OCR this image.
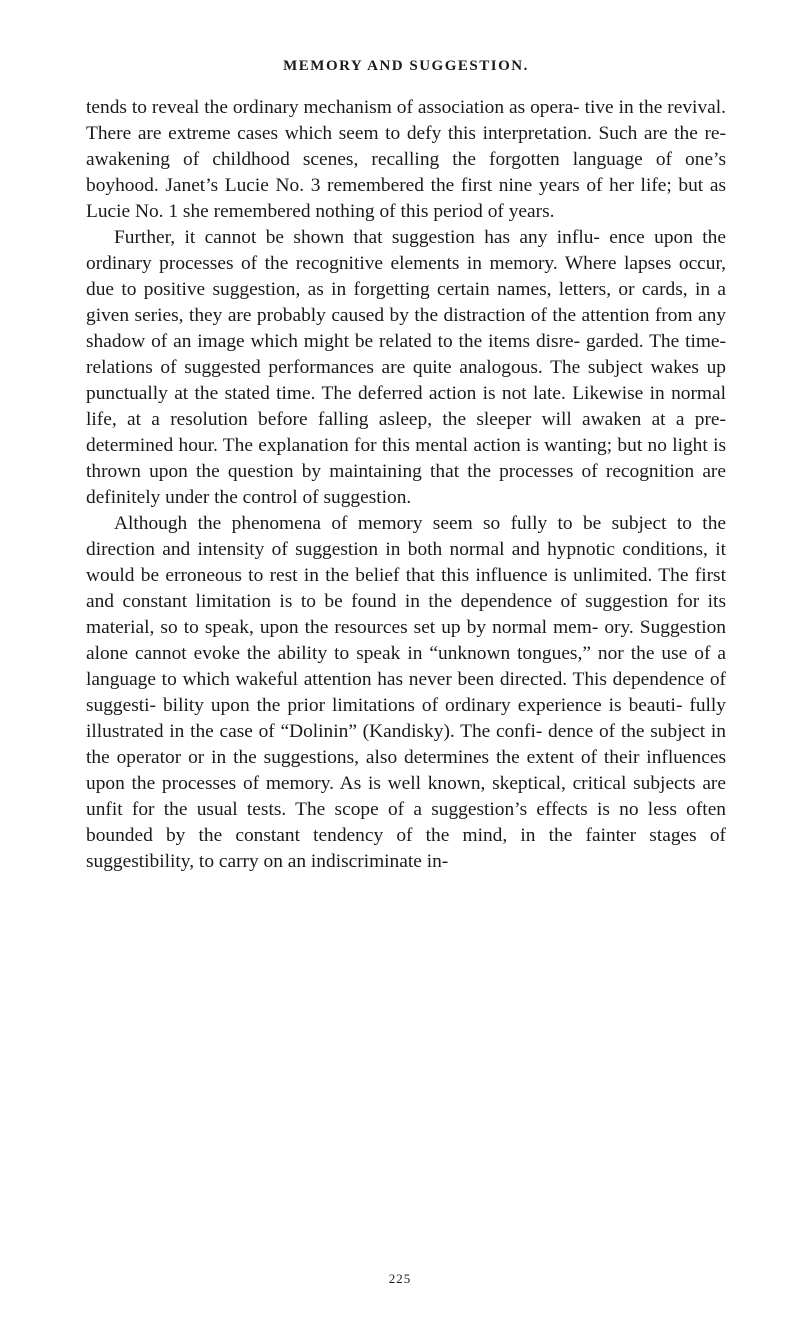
MEMORY AND SUGGESTION.

tends to reveal the ordinary mechanism of association as opera- tive in the revival. There are extreme cases which seem to defy this interpretation. Such are the re-awakening of childhood scenes, recalling the forgotten language of one’s boyhood. Janet’s Lucie No. 3 remembered the first nine years of her life; but as Lucie No. 1 she remembered nothing of this period of years.

Further, it cannot be shown that suggestion has any influ- ence upon the ordinary processes of the recognitive elements in memory. Where lapses occur, due to positive suggestion, as in forgetting certain names, letters, or cards, in a given series, they are probably caused by the distraction of the attention from any shadow of an image which might be related to the items disre- garded. The time-relations of suggested performances are quite analogous. The subject wakes up punctually at the stated time. The deferred action is not late. Likewise in normal life, at a resolution before falling asleep, the sleeper will awaken at a pre- determined hour. The explanation for this mental action is wanting; but no light is thrown upon the question by maintaining that the processes of recognition are definitely under the control of suggestion.

Although the phenomena of memory seem so fully to be subject to the direction and intensity of suggestion in both normal and hypnotic conditions, it would be erroneous to rest in the belief that this influence is unlimited. The first and constant limitation is to be found in the dependence of suggestion for its material, so to speak, upon the resources set up by normal mem- ory. Suggestion alone cannot evoke the ability to speak in “unknown tongues,” nor the use of a language to which wakeful attention has never been directed. This dependence of suggesti- bility upon the prior limitations of ordinary experience is beauti- fully illustrated in the case of “Dolinin” (Kandisky). The confi- dence of the subject in the operator or in the suggestions, also determines the extent of their influences upon the processes of memory. As is well known, skeptical, critical subjects are unfit for the usual tests. The scope of a suggestion’s effects is no less often bounded by the constant tendency of the mind, in the fainter stages of suggestibility, to carry on an indiscriminate in-

225
